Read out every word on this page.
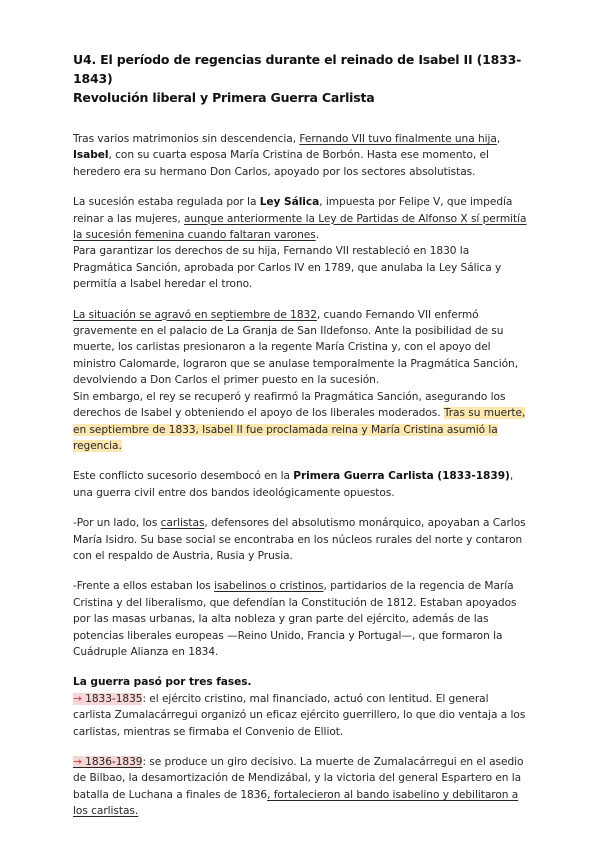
U4. El período de regencias durante el reinado de Isabel II (1833-1843)
Revolución liberal y Primera Guerra Carlista

Tras varios matrimonios sin descendencia, Fernando VII tuvo finalmente una hija, Isabel, con su cuarta esposa María Cristina de Borbón. Hasta ese momento, el heredero era su hermano Don Carlos, apoyado por los sectores absolutistas.

La sucesión estaba regulada por la Ley Sálica, impuesta por Felipe V, que impedía reinar a las mujeres, aunque anteriormente la Ley de Partidas de Alfonso X sí permitía la sucesión femenina cuando faltaran varones.

Para garantizar los derechos de su hija, Fernando VII restableció en 1830 la Pragmática Sanción, aprobada por Carlos IV en 1789, que anulaba la Ley Sálica y permitía a Isabel heredar el trono.

La situación se agravó en septiembre de 1832, cuando Fernando VII enfermó gravemente en el palacio de La Granja de San Ildefonso. Ante la posibilidad de su muerte, los carlistas presionaron a la regente María Cristina y, con el apoyo del ministro Calomarde, lograron que se anulase temporalmente la Pragmática Sanción, devolviendo a Don Carlos el primer puesto en la sucesión.

Sin embargo, el rey se recuperó y reafirmó la Pragmática Sanción, asegurando los derechos de Isabel y obteniendo el apoyo de los liberales moderados. Tras su muerte, en septiembre de 1833, Isabel II fue proclamada reina y María Cristina asumió la regencia.

Este conflicto sucesorio desembocó en la Primera Guerra Carlista (1833-1839), una guerra civil entre dos bandos ideológicamente opuestos.

-Por un lado, los carlistas, defensores del absolutismo monárquico, apoyaban a Carlos María Isidro. Su base social se encontraba en los núcleos rurales del norte y contaron con el respaldo de Austria, Rusia y Prusia.

-Frente a ellos estaban los isabelinos o cristinos, partidarios de la regencia de María Cristina y del liberalismo, que defendían la Constitución de 1812. Estaban apoyados por las masas urbanas, la alta nobleza y gran parte del ejército, además de las potencias liberales europeas —Reino Unido, Francia y Portugal—, que formaron la Cuádruple Alianza en 1834.

La guerra pasó por tres fases.

→ 1833-1835: el ejército cristino, mal financiado, actuó con lentitud. El general carlista Zumalacárregui organizó un eficaz ejército guerrillero, lo que dio ventaja a los carlistas, mientras se firmaba el Convenio de Elliot.

→ 1836-1839: se produce un giro decisivo. La muerte de Zumalacárregui en el asedio de Bilbao, la desamortización de Mendizábal, y la victoria del general Espartero en la batalla de Luchana a finales de 1836, fortalecieron al bando isabelino y debilitaron a los carlistas.
